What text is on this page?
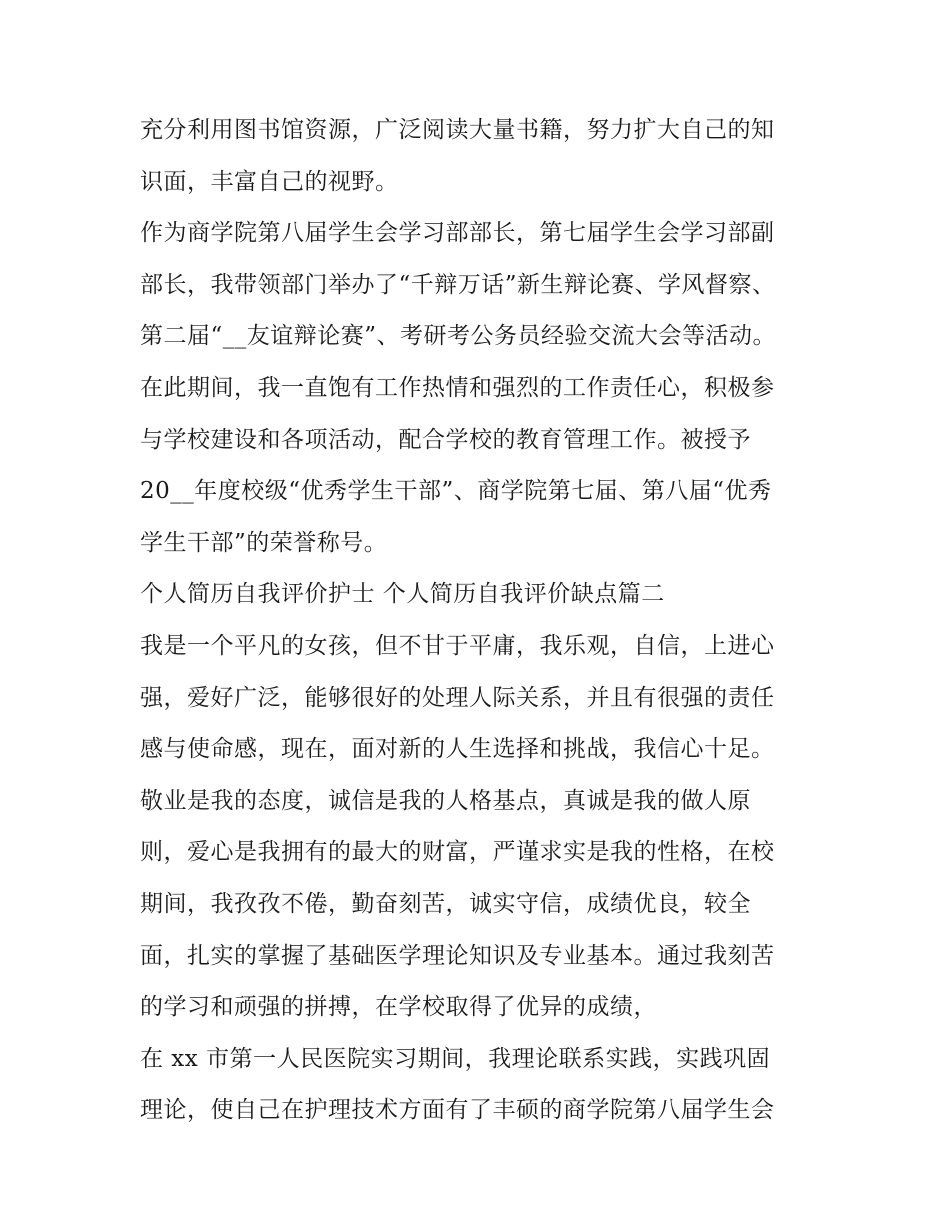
充分利用图书馆资源，广泛阅读大量书籍，努力扩大自己的知
识面，丰富自己的视野。
作为商学院第八届学生会学习部部长，第七届学生会学习部副
部长，我带领部门举办了“千辩万话”新生辩论赛、学风督察、
第二届“__友谊辩论赛”、考研考公务员经验交流大会等活动。
在此期间，我一直饱有工作热情和强烈的工作责任心，积极参
与学校建设和各项活动，配合学校的教育管理工作。被授予
20__年度校级“优秀学生干部”、商学院第七届、第八届“优秀
学生干部”的荣誉称号。
个人简历自我评价护士 个人简历自我评价缺点篇二
我是一个平凡的女孩，但不甘于平庸，我乐观，自信，上进心
强，爱好广泛，能够很好的处理人际关系，并且有很强的责任
感与使命感，现在，面对新的人生选择和挑战，我信心十足。
敬业是我的态度，诚信是我的人格基点，真诚是我的做人原
则，爱心是我拥有的最大的财富，严谨求实是我的性格，在校
期间，我孜孜不倦，勤奋刻苦，诚实守信，成绩优良，较全
面，扎实的掌握了基础医学理论知识及专业基本。通过我刻苦
的学习和顽强的拼搏，在学校取得了优异的成绩，
在 xx 市第一人民医院实习期间，我理论联系实践，实践巩固
理论，使自己在护理技术方面有了丰硕的商学院第八届学生会
